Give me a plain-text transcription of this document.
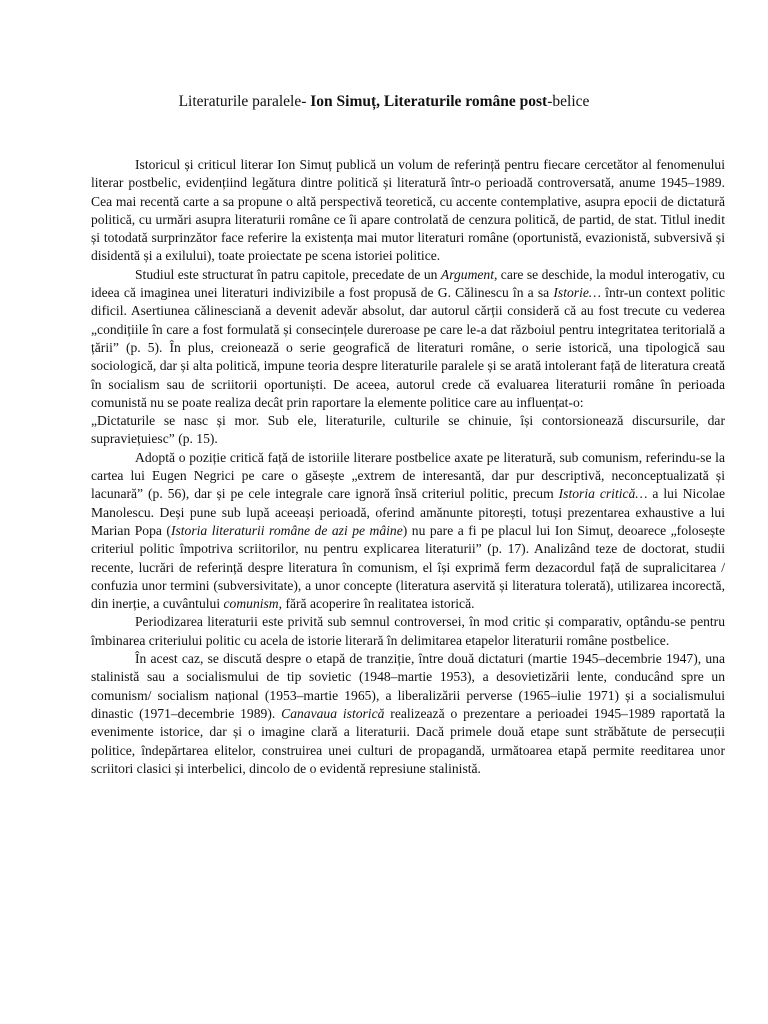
Literaturile paralele- Ion Simuț, Literaturile române post-belice

Istoricul și criticul literar Ion Simuț publică un volum de referință pentru fiecare cercetător al fenomenului literar postbelic, evidențiind legătura dintre politică și literatură într-o perioadă controversată, anume 1945–1989. Cea mai recentă carte a sa propune o altă perspectivă teoretică, cu accente contemplative, asupra epocii de dictatură politică, cu urmări asupra literaturii române ce îi apare controlată de cenzura politică, de partid, de stat. Titlul inedit și totodată surprinzător face referire la existența mai mutor literaturi române (oportunistă, evazionistă, subversivă și disidentă și a exilului), toate proiectate pe scena istoriei politice.

Studiul este structurat în patru capitole, precedate de un Argument, care se deschide, la modul interogativ, cu ideea că imaginea unei literaturi indivizibile a fost propusă de G. Călinescu în a sa Istorie… într-un context politic dificil. Asertiunea călinesciană a devenit adevăr absolut, dar autorul cărții consideră că au fost trecute cu vederea „condițiile în care a fost formulată și consecințele dureroase pe care le-a dat războiul pentru integritatea teritorială a țării” (p. 5). În plus, creionează o serie geografică de literaturi române, o serie istorică, una tipologică sau sociologică, dar și alta politică, impune teoria despre literaturile paralele și se arată intolerant față de literatura creată în socialism sau de scriitorii oportuniști. De aceea, autorul crede că evaluarea literaturii române în perioada comunistă nu se poate realiza decât prin raportare la elemente politice care au influențat-o:

„Dictaturile se nasc și mor. Sub ele, literaturile, culturile se chinuie, își contorsionează discursurile, dar supraviețuiesc” (p. 15).

Adoptă o poziție critică față de istoriile literare postbelice axate pe literatură, sub comunism, referindu-se la cartea lui Eugen Negrici pe care o găsește „extrem de interesantă, dar pur descriptivă, neconceptualizată și lacunară” (p. 56), dar și pe cele integrale care ignoră însă criteriul politic, precum Istoria critică… a lui Nicolae Manolescu. Deși pune sub lupă aceeași perioadă, oferind amănunte pitorești, totuși prezentarea exhaustive a lui Marian Popa (Istoria literaturii române de azi pe mâine) nu pare a fi pe placul lui Ion Simuț, deoarece „folosește criteriul politic împotriva scriitorilor, nu pentru explicarea literaturii” (p. 17). Analizând teze de doctorat, studii recente, lucrări de referință despre literatura în comunism, el își exprimă ferm dezacordul față de supralicitarea / confuzia unor termini (subversivitate), a unor concepte (literatura aservită și literatura tolerată), utilizarea incorectă, din inerție, a cuvântului comunism, fără acoperire în realitatea istorică.

Periodizarea literaturii este privită sub semnul controversei, în mod critic și comparativ, optându-se pentru îmbinarea criteriului politic cu acela de istorie literară în delimitarea etapelor literaturii române postbelice.

În acest caz, se discută despre o etapă de tranziție, între două dictaturi (martie 1945–decembrie 1947), una stalinistă sau a socialismului de tip sovietic (1948–martie 1953), a desovietizării lente, conducând spre un comunism/ socialism național (1953–martie 1965), a liberalizării perverse (1965–iulie 1971) și a socialismului dinastic (1971–decembrie 1989). Canavaua istorică realizează o prezentare a perioadei 1945–1989 raportată la evenimente istorice, dar și o imagine clară a literaturii. Dacă primele două etape sunt străbătute de persecuții politice, îndepărtarea elitelor, construirea unei culturi de propagandă, următoarea etapă permite reeditarea unor scriitori clasici și interbelici, dincolo de o evidentă represiune stalinistă.
